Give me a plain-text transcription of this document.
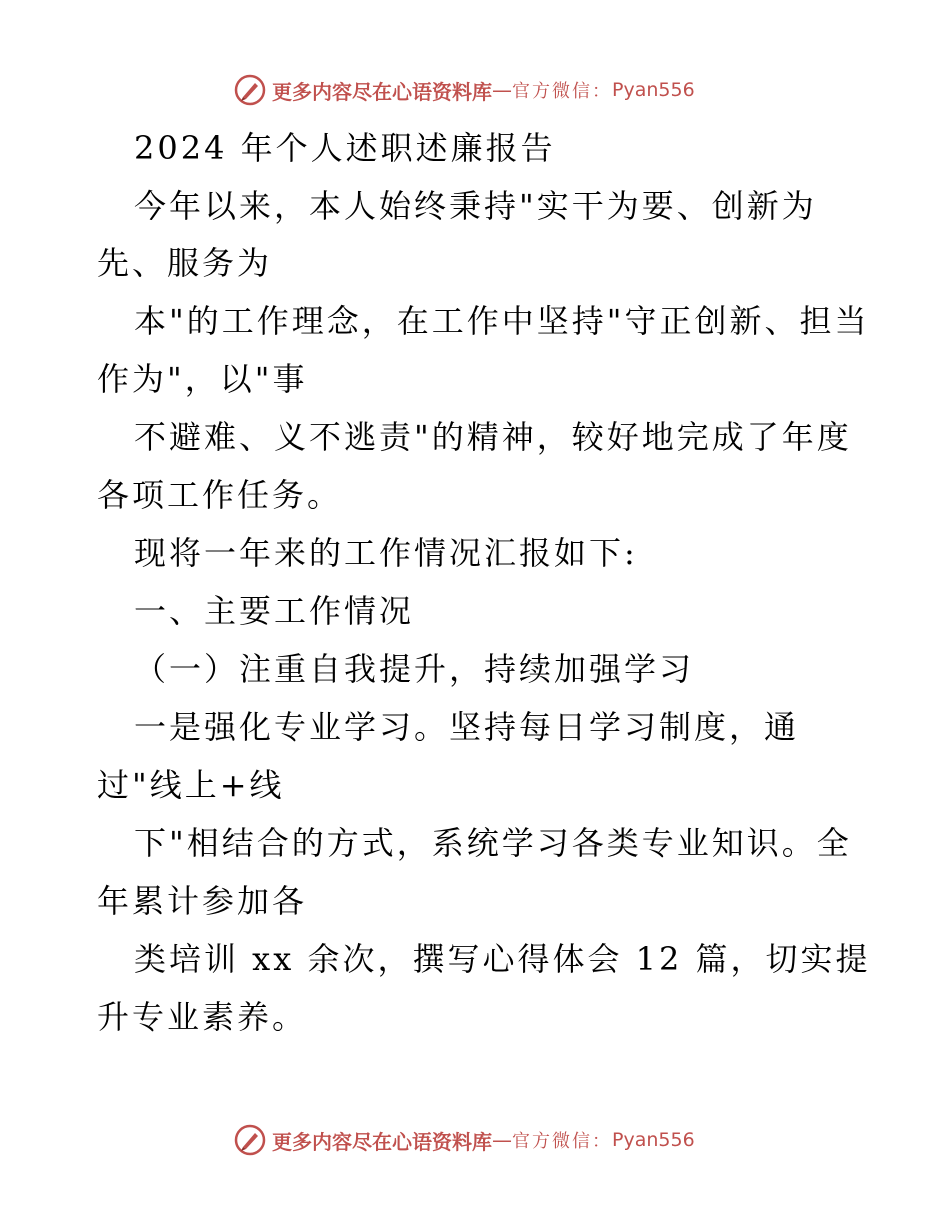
更多内容尽在心语资料库 — 官方微信： Pyan556
2024 年个人述职述廉报告
今年以来，本人始终秉持"实干为要、创新为
先、服务为
本"的工作理念，在工作中坚持"守正创新、担当
作为"，以"事
不避难、义不逃责"的精神，较好地完成了年度
各项工作任务。
现将一年来的工作情况汇报如下:
一、主要工作情况
（一）注重自我提升，持续加强学习
一是强化专业学习。坚持每日学习制度，通
过"线上+线
下"相结合的方式，系统学习各类专业知识。全
年累计参加各
类培训 xx 余次，撰写心得体会 12 篇，切实提
升专业素养。
更多内容尽在心语资料库 — 官方微信： Pyan556
